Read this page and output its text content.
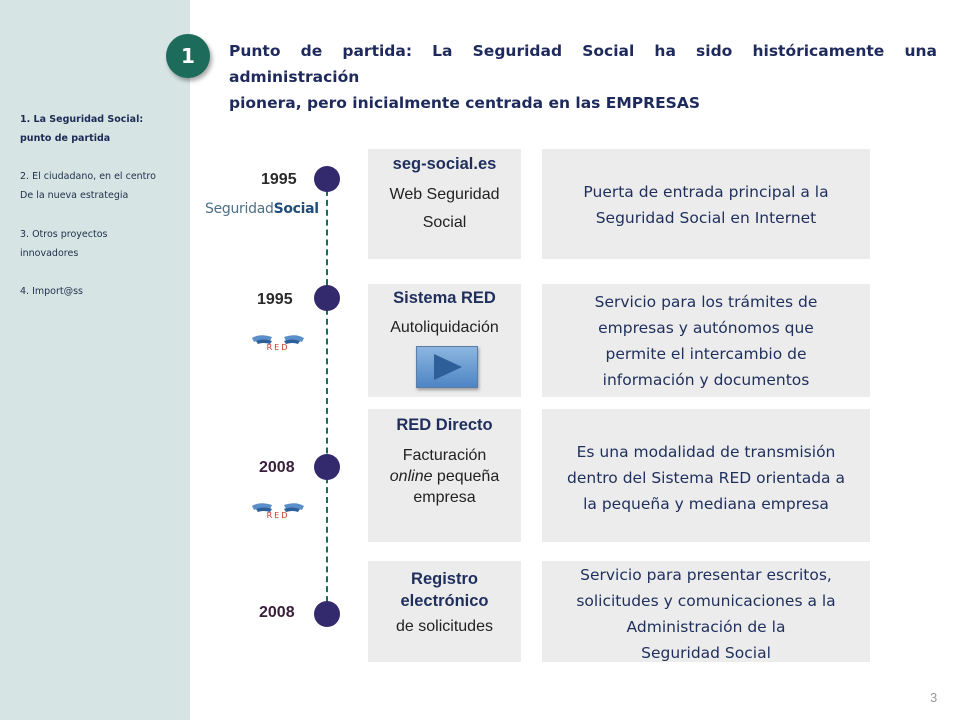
1. La Seguridad Social:
punto de partida
2. El ciudadano, en el centro
De la nueva estrategia
3. Otros proyectos
innovadores
4. Import@ss
1	Punto de partida: La Seguridad Social ha sido históricamente una administración
pionera, pero inicialmente centrada en las EMPRESAS
1995
1995
2008
2008
SeguridadSocial
RED
RED
seg-social.es
Web Seguridad
Social
Puerta de entrada principal a la
Seguridad Social en Internet
Sistema RED
Autoliquidación
Servicio para los trámites de
empresas y autónomos que
permite el intercambio de
información y documentos
RED Directo
Facturación
online pequeña
empresa
Es una modalidad de transmisión
dentro del Sistema RED orientada a
la pequeña y mediana empresa
Registro
electrónico
de solicitudes
Servicio para presentar escritos,
solicitudes y comunicaciones a la
Administración de la
Seguridad Social
3
